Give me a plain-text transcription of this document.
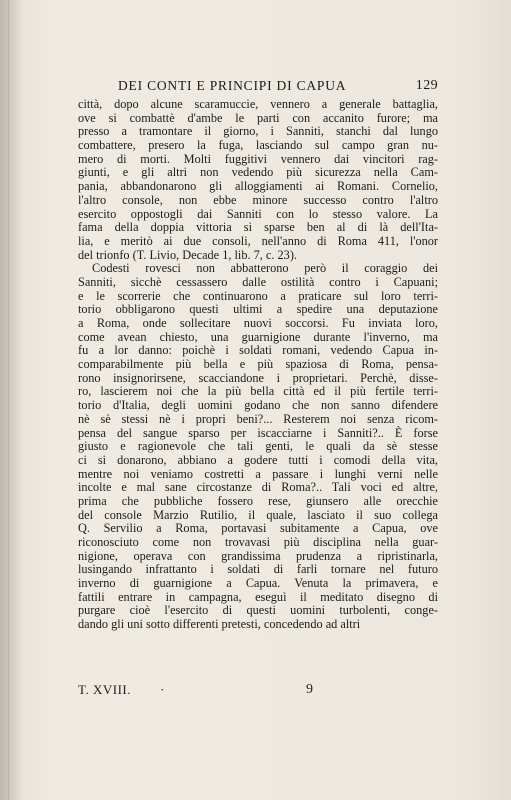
DEI CONTI E PRINCIPI DI CAPUA	129
città, dopo alcune scaramuccie, vennero a generale battaglia,
ove si combattè d'ambe le parti con accanito furore; ma
presso a tramontare il giorno, i Sanniti, stanchi dal lungo
combattere, presero la fuga, lasciando sul campo gran nu-
mero di morti. Molti fuggitivi vennero dai vincitori rag-
giunti, e gli altri non vedendo più sicurezza nella Cam-
pania, abbandonarono gli alloggiamenti ai Romani. Cornelio,
l'altro console, non ebbe minore successo contro l'altro
esercito oppostogli dai Sanniti con lo stesso valore. La
fama della doppia vittoria si sparse ben al di là dell'Ita-
lia, e meritò ai due consoli, nell'anno di Roma 411, l'onor
del trionfo (T. Livio, Decade 1, lib. 7, c. 23).
Codesti rovesci non abbatterono però il coraggio dei
Sanniti, sicchè cessassero dalle ostilità contro i Capuani;
e le scorrerie che continuarono a praticare sul loro terri-
torio obbligarono questi ultimi a spedire una deputazione
a Roma, onde sollecitare nuovi soccorsi. Fu inviata loro,
come avean chiesto, una guarnigione durante l'inverno, ma
fu a lor danno: poichè i soldati romani, vedendo Capua in-
comparabilmente più bella e più spaziosa di Roma, pensa-
rono insignorirsene, scacciandone i proprietari. Perchè, disse-
ro, lascierem noi che la più bella città ed il più fertile terri-
torio d'Italia, degli uomini godano che non sanno difendere
nè sè stessi nè i propri beni?... Resterem noi senza ricom-
pensa del sangue sparso per iscacciarne i Sanniti?.. È forse
giusto e ragionevole che tali genti, le quali da sè stesse
ci si donarono, abbiano a godere tutti i comodi della vita,
mentre noi veniamo costretti a passare i lunghi verni nelle
incolte e mal sane circostanze di Roma?.. Tali voci ed altre,
prima che pubbliche fossero rese, giunsero alle orecchie
del console Marzio Rutilio, il quale, lasciato il suo collega
Q. Servilio a Roma, portavasi subitamente a Capua, ove
riconosciuto come non trovavasi più disciplina nella guar-
nigione, operava con grandissima prudenza a ripristinarla,
lusingando infrattanto i soldati di farli tornare nel futuro
inverno di guarnigione a Capua. Venuta la primavera, e
fattili entrare in campagna, eseguì il meditato disegno di
purgare cioè l'esercito di questi uomini turbolenti, conge-
dando gli uni sotto differenti pretesti, concedendo ad altri
T. XVIII. ·	9
